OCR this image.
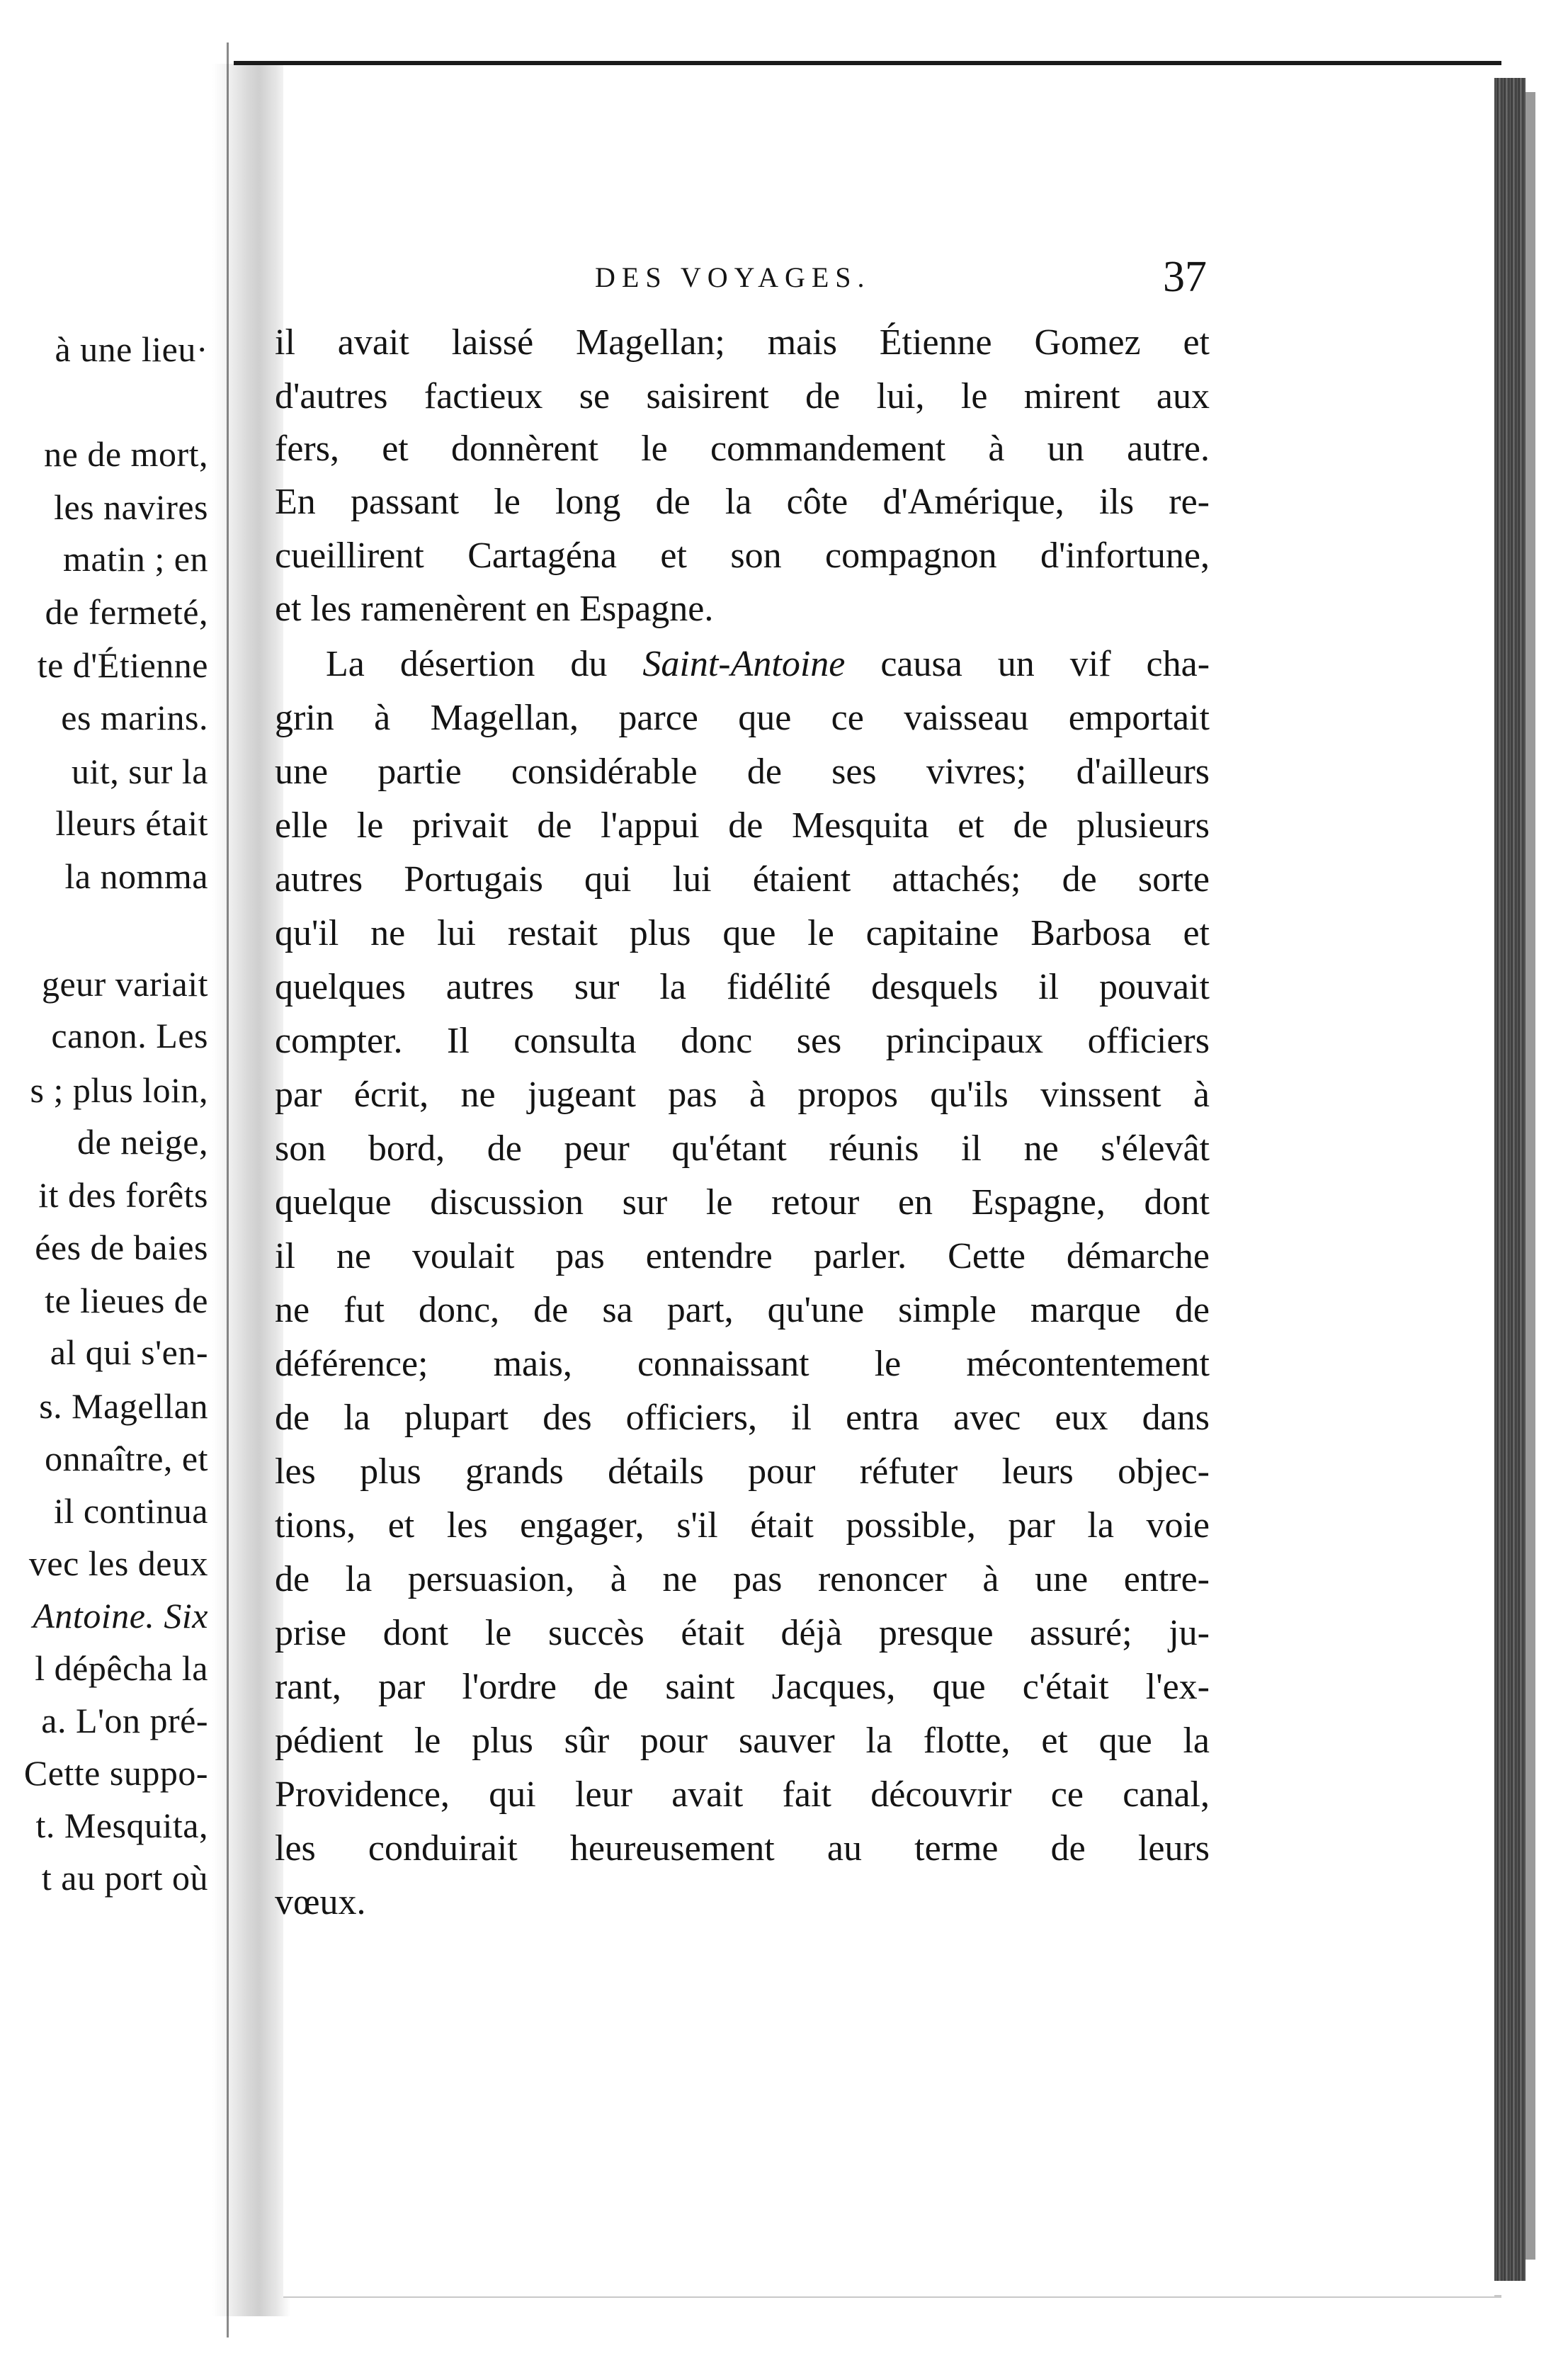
à une lieu·
ne de mort,
les navires
matin ; en
de fermeté,
te d'Étienne
es marins.
uit, sur la
lleurs était
la nomma
geur variait
canon. Les
s ; plus loin,
de neige,
it des forêts
ées de baies
te lieues de
al qui s'en-
s. Magellan
onnaître, et
il continua
vec les deux
Antoine. Six
l dépêcha la
a. L'on pré-
Cette suppo-
t. Mesquita,
t au port où
DES VOYAGES.	37
il avait laissé Magellan; mais Étienne Gomez et
d'autres factieux se saisirent de lui, le mirent aux
fers, et donnèrent le commandement à un autre.
En passant le long de la côte d'Amérique, ils re-
cueillirent Cartagéna et son compagnon d'infortune,
et les ramenèrent en Espagne.
La désertion du Saint-Antoine causa un vif cha-
grin à Magellan, parce que ce vaisseau emportait
une partie considérable de ses vivres; d'ailleurs
elle le privait de l'appui de Mesquita et de plusieurs
autres Portugais qui lui étaient attachés; de sorte
qu'il ne lui restait plus que le capitaine Barbosa et
quelques autres sur la fidélité desquels il pouvait
compter. Il consulta donc ses principaux officiers
par écrit, ne jugeant pas à propos qu'ils vinssent à
son bord, de peur qu'étant réunis il ne s'élevât
quelque discussion sur le retour en Espagne, dont
il ne voulait pas entendre parler. Cette démarche
ne fut donc, de sa part, qu'une simple marque de
déférence; mais, connaissant le mécontentement
de la plupart des officiers, il entra avec eux dans
les plus grands détails pour réfuter leurs objec-
tions, et les engager, s'il était possible, par la voie
de la persuasion, à ne pas renoncer à une entre-
prise dont le succès était déjà presque assuré; ju-
rant, par l'ordre de saint Jacques, que c'était l'ex-
pédient le plus sûr pour sauver la flotte, et que la
Providence, qui leur avait fait découvrir ce canal,
les conduirait heureusement au terme de leurs
vœux.
